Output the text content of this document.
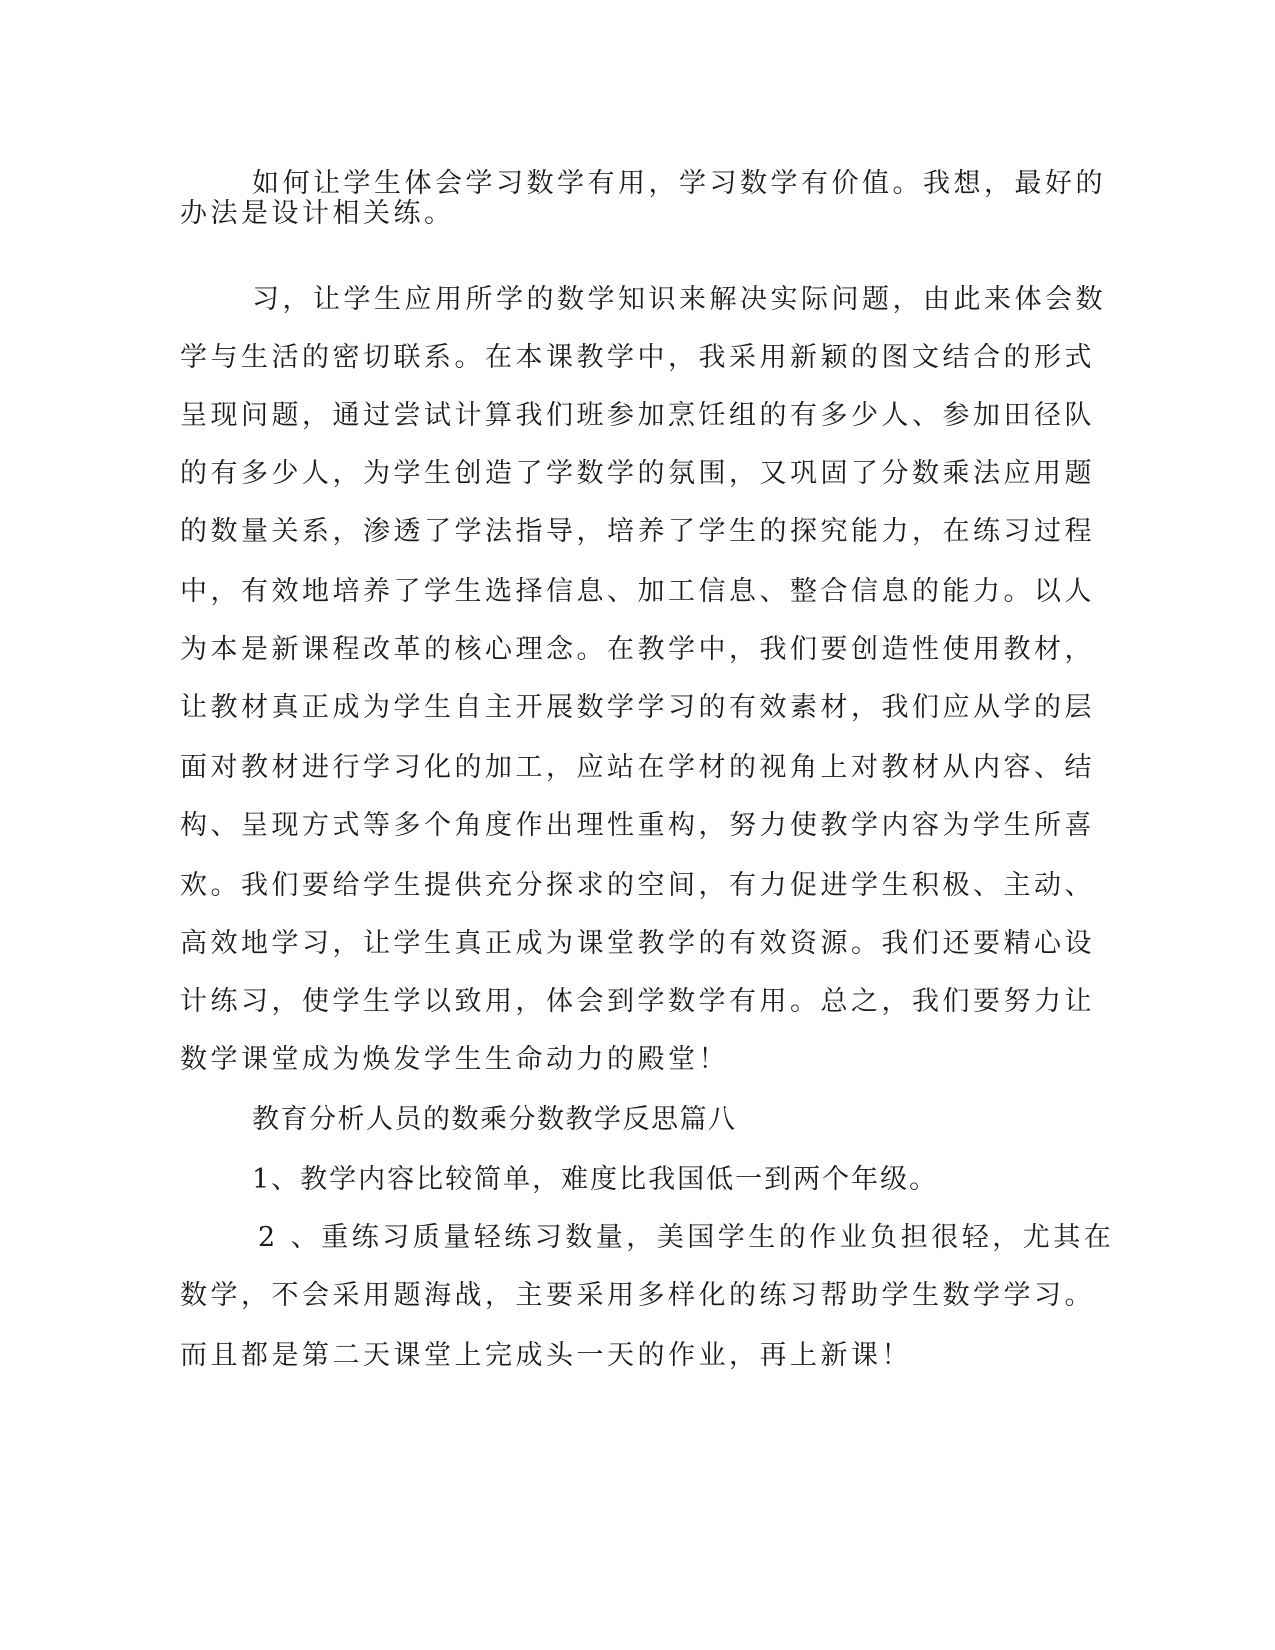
如何让学生体会学习数学有用，学习数学有价值。我想，最好的
办法是设计相关练。
习，让学生应用所学的数学知识来解决实际问题，由此来体会数
学与生活的密切联系。在本课教学中，我采用新颖的图文结合的形式
呈现问题，通过尝试计算我们班参加烹饪组的有多少人、参加田径队
的有多少人，为学生创造了学数学的氛围，又巩固了分数乘法应用题
的数量关系，渗透了学法指导，培养了学生的探究能力，在练习过程
中，有效地培养了学生选择信息、加工信息、整合信息的能力。以人
为本是新课程改革的核心理念。在教学中，我们要创造性使用教材，
让教材真正成为学生自主开展数学学习的有效素材，我们应从学的层
面对教材进行学习化的加工，应站在学材的视角上对教材从内容、结
构、呈现方式等多个角度作出理性重构，努力使教学内容为学生所喜
欢。我们要给学生提供充分探求的空间，有力促进学生积极、主动、
高效地学习，让学生真正成为课堂教学的有效资源。我们还要精心设
计练习，使学生学以致用，体会到学数学有用。总之，我们要努力让
数学课堂成为焕发学生生命动力的殿堂！
教育分析人员的数乘分数教学反思篇八
1、教学内容比较简单，难度比我国低一到两个年级。
2 、重练习质量轻练习数量，美国学生的作业负担很轻，尤其在
数学，不会采用题海战，主要采用多样化的练习帮助学生数学学习。
而且都是第二天课堂上完成头一天的作业，再上新课！
